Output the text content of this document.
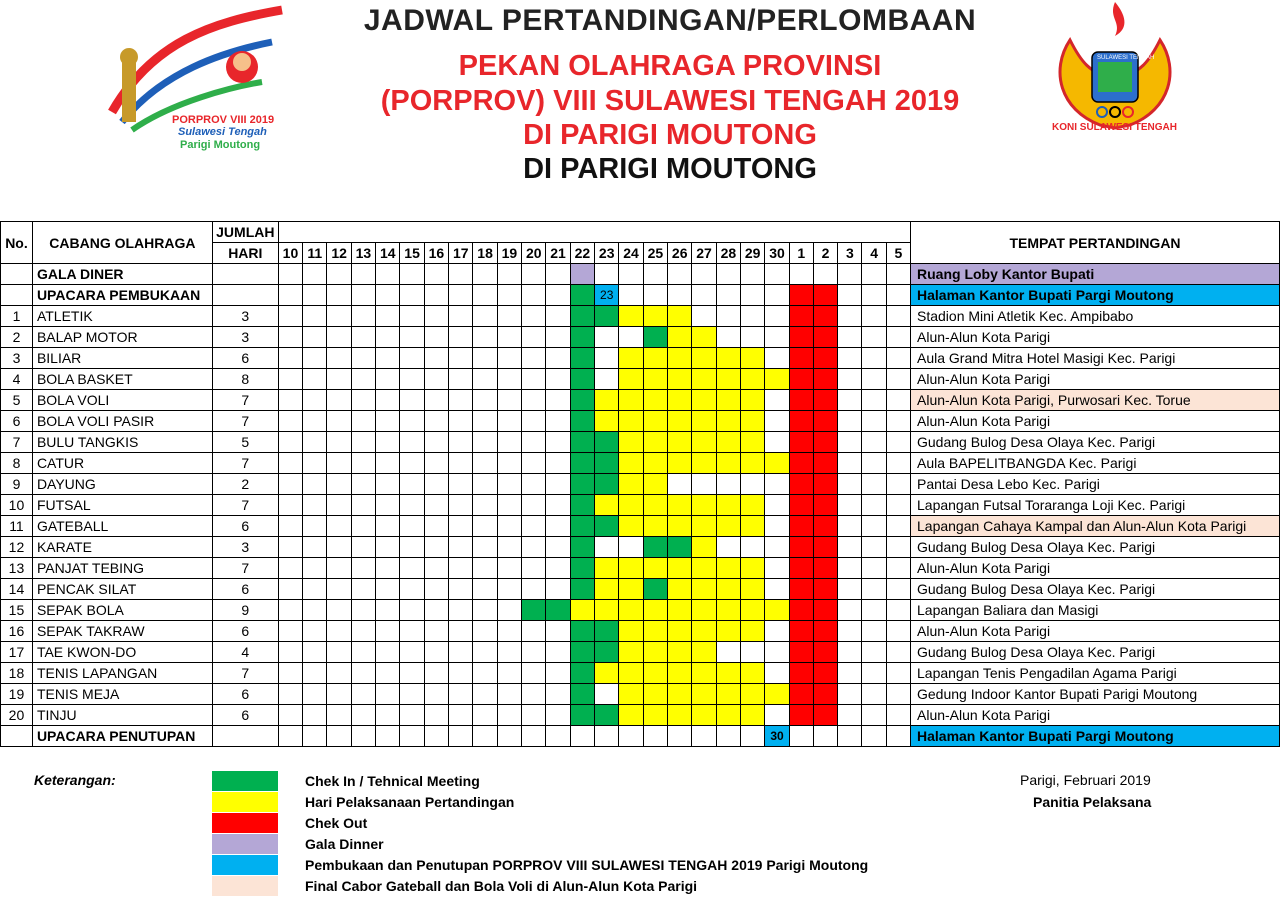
PORPROV VIII 2019
Sulawesi Tengah
Parigi Moutong
JADWAL PERTANDINGAN/PERLOMBAAN
PEKAN OLAHRAGA PROVINSI
(PORPROV) VIII SULAWESI TENGAH 2019
DI PARIGI MOUTONG
DI PARIGI MOUTONG
KONI SULAWESI TENGAH
SULAWESI TENGAH
No.	CABANG OLAHRAGA	JUMLAH																											TEMPAT PERTANDINGAN
		HARI	10	11	12	13	14	15	16	17	18	19	20	21	22	23	24	25	26	27	28	29	30	1	2	3	4	5	
	GALA DINER																												Ruang Loby Kantor Bupati
	UPACARA PEMBUKAAN															23													Halaman Kantor Bupati Pargi Moutong
1	ATLETIK	3																											Stadion Mini Atletik Kec. Ampibabo
2	BALAP MOTOR	3																											Alun-Alun Kota Parigi
3	BILIAR	6																											Aula Grand Mitra Hotel Masigi Kec. Parigi
4	BOLA BASKET	8																											Alun-Alun Kota Parigi
5	BOLA VOLI	7																											Alun-Alun Kota Parigi, Purwosari Kec. Torue
6	BOLA VOLI PASIR	7																											Alun-Alun Kota Parigi
7	BULU TANGKIS	5																											Gudang Bulog Desa Olaya Kec. Parigi
8	CATUR	7																											Aula BAPELITBANGDA Kec. Parigi
9	DAYUNG	2																											Pantai Desa Lebo Kec. Parigi
10	FUTSAL	7																											Lapangan Futsal Toraranga Loji Kec. Parigi
11	GATEBALL	6																											Lapangan Cahaya Kampal dan Alun-Alun Kota Parigi
12	KARATE	3																											Gudang Bulog Desa Olaya Kec. Parigi
13	PANJAT TEBING	7																											Alun-Alun Kota Parigi
14	PENCAK SILAT	6																											Gudang Bulog Desa Olaya Kec. Parigi
15	SEPAK BOLA	9																											Lapangan Baliara dan Masigi
16	SEPAK TAKRAW	6																											Alun-Alun Kota Parigi
17	TAE KWON-DO	4																											Gudang Bulog Desa Olaya Kec. Parigi
18	TENIS LAPANGAN	7																											Lapangan Tenis Pengadilan Agama Parigi
19	TENIS MEJA	6																											Gedung Indoor Kantor Bupati Parigi Moutong
20	TINJU	6																											Alun-Alun Kota Parigi
	UPACARA PENUTUPAN																						30						Halaman Kantor Bupati Pargi Moutong
Keterangan:	Chek In / Tehnical Meeting
Hari Pelaksanaan Pertandingan
Chek Out
Gala Dinner
Pembukaan dan Penutupan PORPROV VIII SULAWESI TENGAH 2019 Parigi Moutong
Final Cabor Gateball dan Bola Voli di Alun-Alun Kota Parigi
Parigi, Februari 2019
Panitia Pelaksana
